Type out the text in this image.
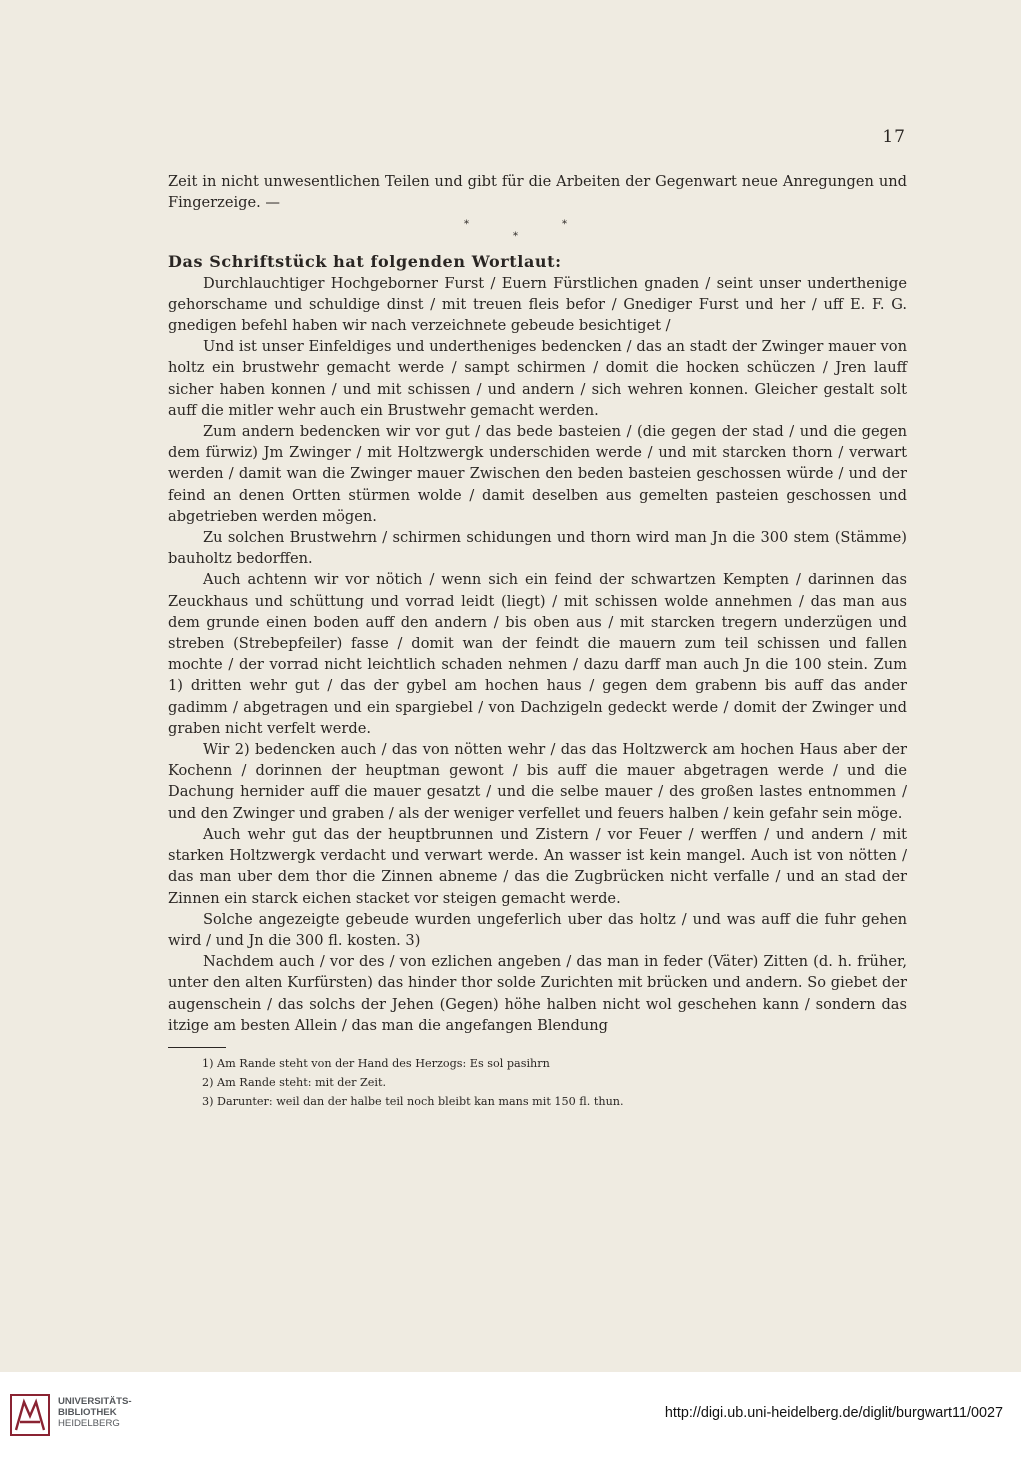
17

Zeit in nicht unwesentlichen Teilen und gibt für die Arbeiten der Gegenwart neue Anregungen und Fingerzeige. —

***

Das Schriftstück hat folgenden Wortlaut:

Durchlauchtiger Hochgeborner Furst / Euern Fürstlichen gnaden / seint unser underthenige gehorschame und schuldige dinst / mit treuen fleis befor / Gnediger Furst und her / uff E. F. G. gnedigen befehl haben wir nach verzeichnete gebeude besichtiget /

Und ist unser Einfeldiges und undertheniges bedencken / das an stadt der Zwinger mauer von holtz ein brustwehr gemacht werde / sampt schirmen / domit die hocken schüczen / Jren lauff sicher haben konnen / und mit schissen / und andern / sich wehren konnen. Gleicher gestalt solt auff die mitler wehr auch ein Brustwehr gemacht werden.

Zum andern bedencken wir vor gut / das bede basteien / (die gegen der stad / und die gegen dem fürwiz) Jm Zwinger / mit Holtzwergk underschiden werde / und mit starcken thorn / verwart werden / damit wan die Zwinger mauer Zwischen den beden basteien geschossen würde / und der feind an denen Ortten stürmen wolde / damit deselben aus gemelten pasteien geschossen und abgetrieben werden mögen.

Zu solchen Brustwehrn / schirmen schidungen und thorn wird man Jn die 300 stem (Stämme) bauholtz bedorffen.

Auch achtenn wir vor nötich / wenn sich ein feind der schwartzen Kempten / darinnen das Zeuckhaus und schüttung und vorrad leidt (liegt) / mit schissen wolde annehmen / das man aus dem grunde einen boden auff den andern / bis oben aus / mit starcken tregern underzügen und streben (Strebepfeiler) fasse / domit wan der feindt die mauern zum teil schissen und fallen mochte / der vorrad nicht leichtlich schaden nehmen / dazu darff man auch Jn die 100 stein. Zum 1) dritten wehr gut / das der gybel am hochen haus / gegen dem grabenn bis auff das ander gadimm / abgetragen und ein spargiebel / von Dachzigeln gedeckt werde / domit der Zwinger und graben nicht verfelt werde.

Wir 2) bedencken auch / das von nötten wehr / das das Holtzwerck am hochen Haus aber der Kochenn / dorinnen der heuptman gewont / bis auff die mauer abgetragen werde / und die Dachung hernider auff die mauer gesatzt / und die selbe mauer / des großen lastes entnommen / und den Zwinger und graben / als der weniger verfellet und feuers halben / kein gefahr sein möge.

Auch wehr gut das der heuptbrunnen und Zistern / vor Feuer / werffen / und andern / mit starken Holtzwergk verdacht und verwart werde. An wasser ist kein mangel. Auch ist von nötten / das man uber dem thor die Zinnen abneme / das die Zugbrücken nicht verfalle / und an stad der Zinnen ein starck eichen stacket vor steigen gemacht werde.

Solche angezeigte gebeude wurden ungeferlich uber das holtz / und was auff die fuhr gehen wird / und Jn die 300 fl. kosten. 3)

Nachdem auch / vor des / von ezlichen angeben / das man in feder (Väter) Zitten (d. h. früher, unter den alten Kurfürsten) das hinder thor solde Zurichten mit brücken und andern. So giebet der augenschein / das solchs der Jehen (Gegen) höhe halben nicht wol geschehen kann / sondern das itzige am besten Allein / das man die angefangen Blendung

1) Am Rande steht von der Hand des Herzogs: Es sol pasihrn
2) Am Rande steht: mit der Zeit.
3) Darunter: weil dan der halbe teil noch bleibt kan mans mit 150 fl. thun.
UNIVERSITÄTS-
BIBLIOTHEK
HEIDELBERG
http://digi.ub.uni-heidelberg.de/diglit/burgwart11/0027
